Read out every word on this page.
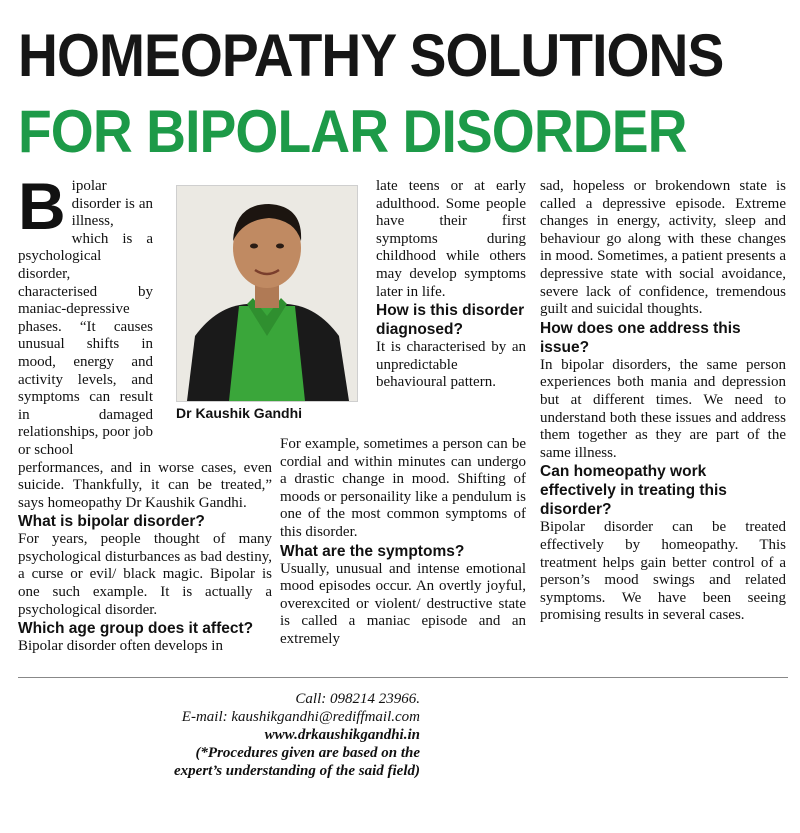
HOMEOPATHY SOLUTIONS
FOR BIPOLAR DISORDER
B ipolar disorder is an illness, which is a psychological disorder, characterised by maniac-depressive phases. “It causes unusual shifts in mood, energy and activity levels, and symptoms can result in damaged relationships, poor job or school

performances, and in worse cases, even suicide. Thankfully, it can be treated,” says homeopathy Dr Kaushik Gandhi.

What is bipolar disorder?

For years, people thought of many psychological disturbances as bad destiny, a curse or evil/ black magic. Bipolar is one such example. It is actually a psychological disorder.

Which age group does it affect?

Bipolar disorder often develops in

Dr Kaushik Gandhi

late teens or at early adulthood. Some people have their first symptoms during childhood while others may develop symptoms later in life.

How is this disorder diagnosed?

It is characterised by an unpredictable behavioural pattern.

For example, sometimes a person can be cordial and within minutes can undergo a drastic change in mood. Shifting of moods or personaility like a pendulum is one of the most common symptoms of this disorder.

What are the symptoms?

Usually, unusual and intense emotional mood episodes occur. An overtly joyful, overexcited or violent/ destructive state is called a maniac episode and an extremely

sad, hopeless or brokendown state is called a depressive episode. Extreme changes in energy, activity, sleep and behaviour go along with these changes in mood. Sometimes, a patient presents a depressive state with social avoidance, severe lack of confidence, tremendous guilt and suicidal thoughts.

How does one address this issue?

In bipolar disorders, the same person experiences both mania and depression but at different times. We need to understand both these issues and address them together as they are part of the same illness.

Can homeopathy work effectively in treating this disorder?

Bipolar disorder can be treated effectively by homeopathy. This treatment helps gain better control of a person’s mood swings and related symptoms. We have been seeing promising results in several cases.

Call: 098214 23966.
E-mail: kaushikgandhi@rediffmail.com
www.drkaushikgandhi.in
(*Procedures given are based on the expert’s understanding of the said field)
